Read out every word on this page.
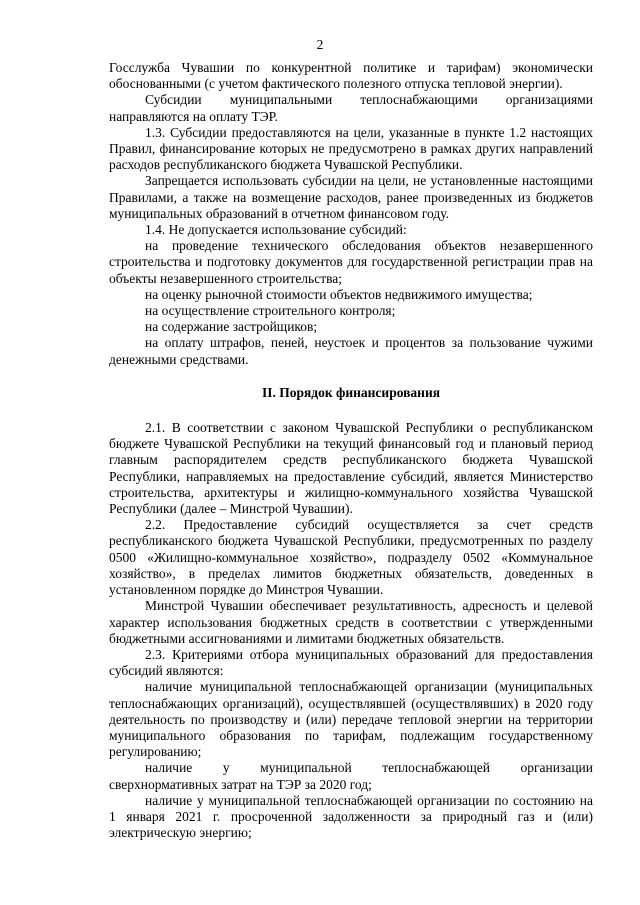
2

Госслужба Чувашии по конкурентной политике и тарифам) экономически обоснованными (с учетом фактического полезного отпуска тепловой энергии).

Субсидии муниципальными теплоснабжающими организациями направляются на оплату ТЭР.

1.3. Субсидии предоставляются на цели, указанные в пункте 1.2 настоящих Правил, финансирование которых не предусмотрено в рамках других направлений расходов республиканского бюджета Чувашской Республики.

Запрещается использовать субсидии на цели, не установленные настоящими Правилами, а также на возмещение расходов, ранее произведенных из бюджетов муниципальных образований в отчетном финансовом году.

1.4. Не допускается использование субсидий:

на проведение технического обследования объектов незавершенного строительства и подготовку документов для государственной регистрации прав на объекты незавершенного строительства;

на оценку рыночной стоимости объектов недвижимого имущества;

на осуществление строительного контроля;

на содержание застройщиков;

на оплату штрафов, пеней, неустоек и процентов за пользование чужими денежными средствами.

II. Порядок финансирования

2.1. В соответствии с законом Чувашской Республики о республиканском бюджете Чувашской Республики на текущий финансовый год и плановый период главным распорядителем средств республиканского бюджета Чувашской Республики, направляемых на предоставление субсидий, является Министерство строительства, архитектуры и жилищно-коммунального хозяйства Чувашской Республики (далее – Минстрой Чувашии).

2.2. Предоставление субсидий осуществляется за счет средств республиканского бюджета Чувашской Республики, предусмотренных по разделу 0500 «Жилищно-коммунальное хозяйство», подразделу 0502 «Коммунальное хозяйство», в пределах лимитов бюджетных обязательств, доведенных в установленном порядке до Минстроя Чувашии.

Минстрой Чувашии обеспечивает результативность, адресность и целевой характер использования бюджетных средств в соответствии с утвержденными бюджетными ассигнованиями и лимитами бюджетных обязательств.

2.3. Критериями отбора муниципальных образований для предоставления субсидий являются:

наличие муниципальной теплоснабжающей организации (муниципальных теплоснабжающих организаций), осуществлявшей (осуществлявших) в 2020 году деятельность по производству и (или) передаче тепловой энергии на территории муниципального образования по тарифам, подлежащим государственному регулированию;

наличие у муниципальной теплоснабжающей организации сверхнормативных затрат на ТЭР за 2020 год;

наличие у муниципальной теплоснабжающей организации по состоянию на 1 января 2021 г. просроченной задолженности за природный газ и (или) электрическую энергию;
